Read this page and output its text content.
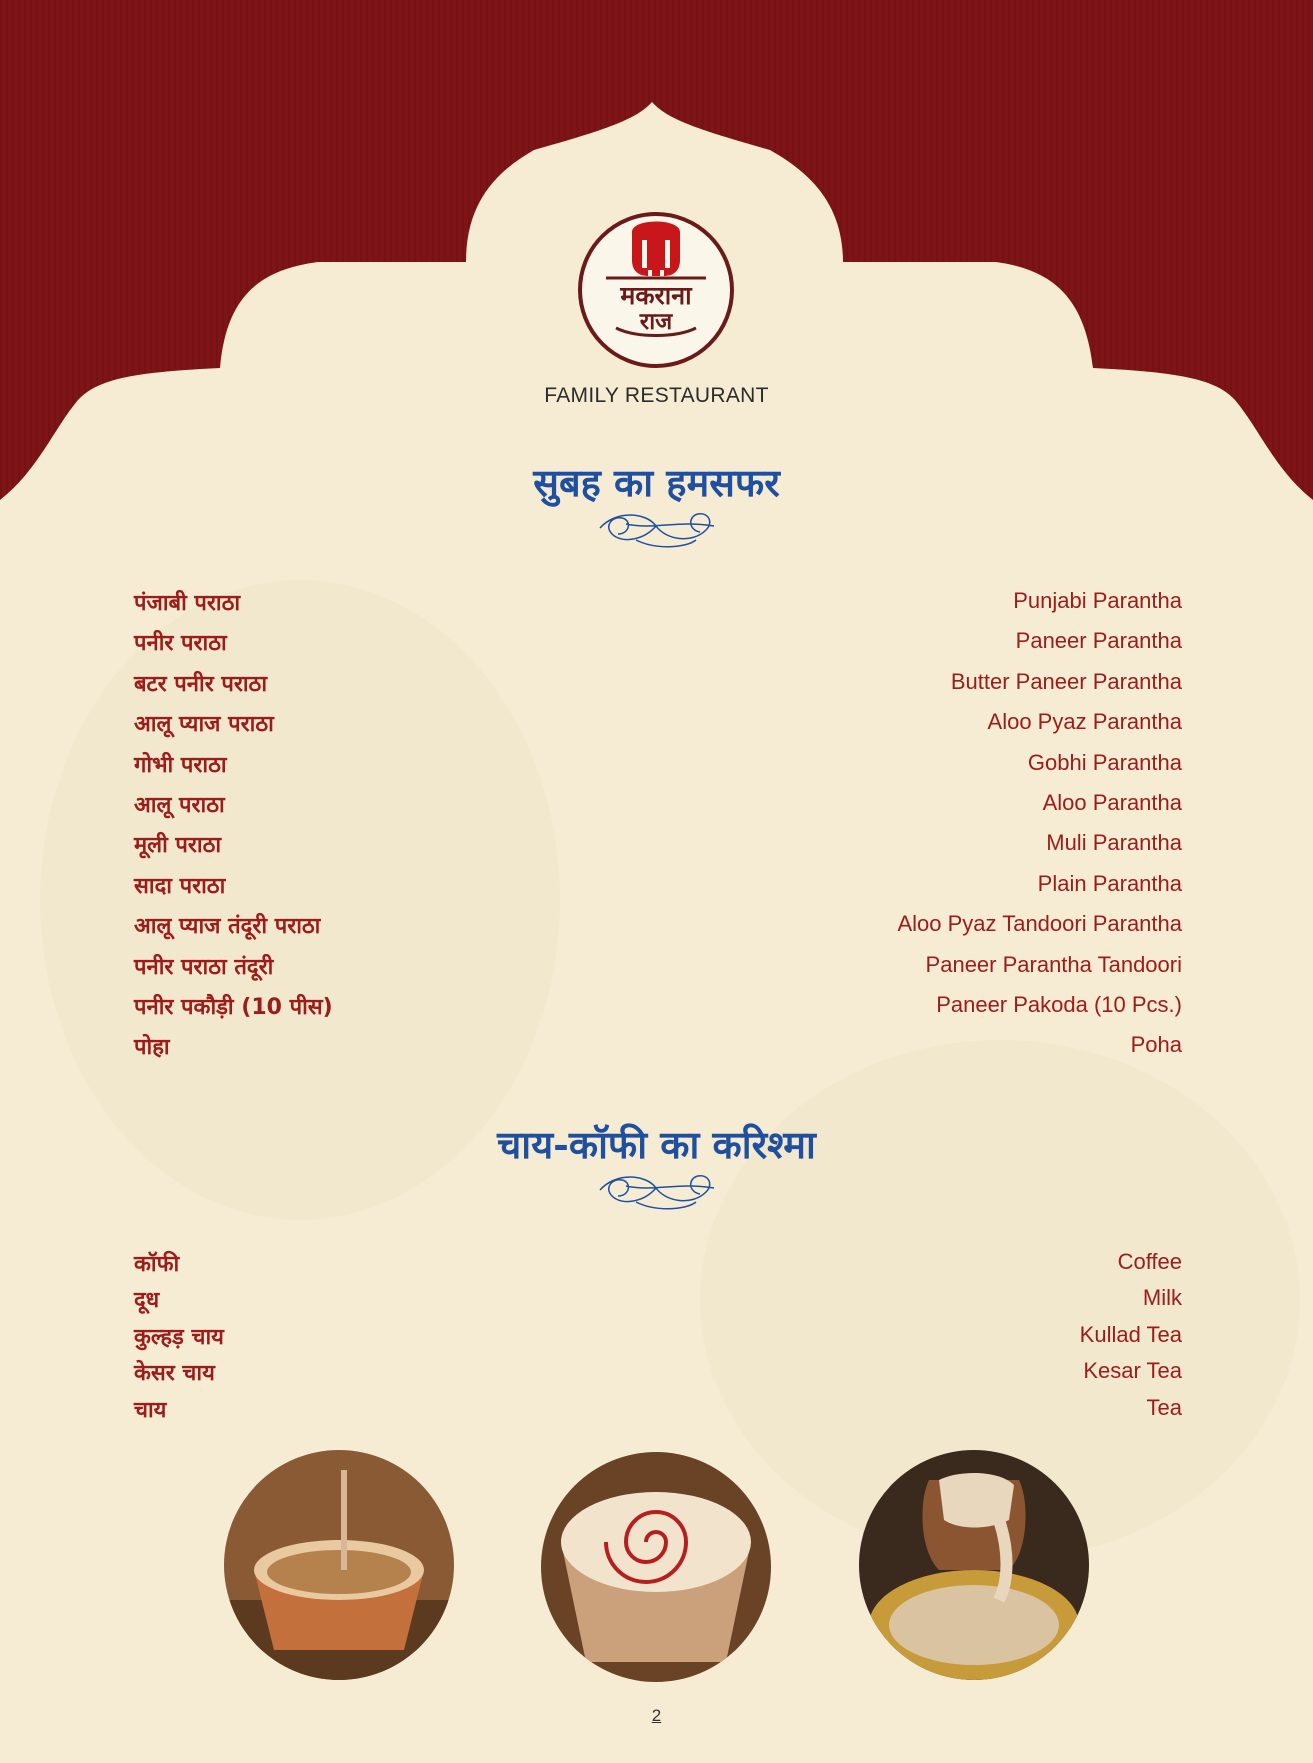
मकराना
राज
FAMILY RESTAURANT
सुबह का हमसफर
पंजाबी पराठा	Punjabi Parantha
पनीर पराठा	Paneer Parantha
बटर पनीर पराठा	Butter Paneer Parantha
आलू प्याज पराठा	Aloo Pyaz Parantha
गोभी पराठा	Gobhi Parantha
आलू पराठा	Aloo Parantha
मूली पराठा	Muli Parantha
सादा पराठा	Plain Parantha
आलू प्याज तंदूरी पराठा	Aloo Pyaz Tandoori Parantha
पनीर पराठा तंदूरी	Paneer Parantha Tandoori
पनीर पकौड़ी (10 पीस)	Paneer Pakoda (10 Pcs.)
पोहा	Poha
चाय-कॉफी का करिश्मा
कॉफी	Coffee
दूध	Milk
कुल्हड़ चाय	Kullad Tea
केसर चाय	Kesar Tea
चाय	Tea
2
